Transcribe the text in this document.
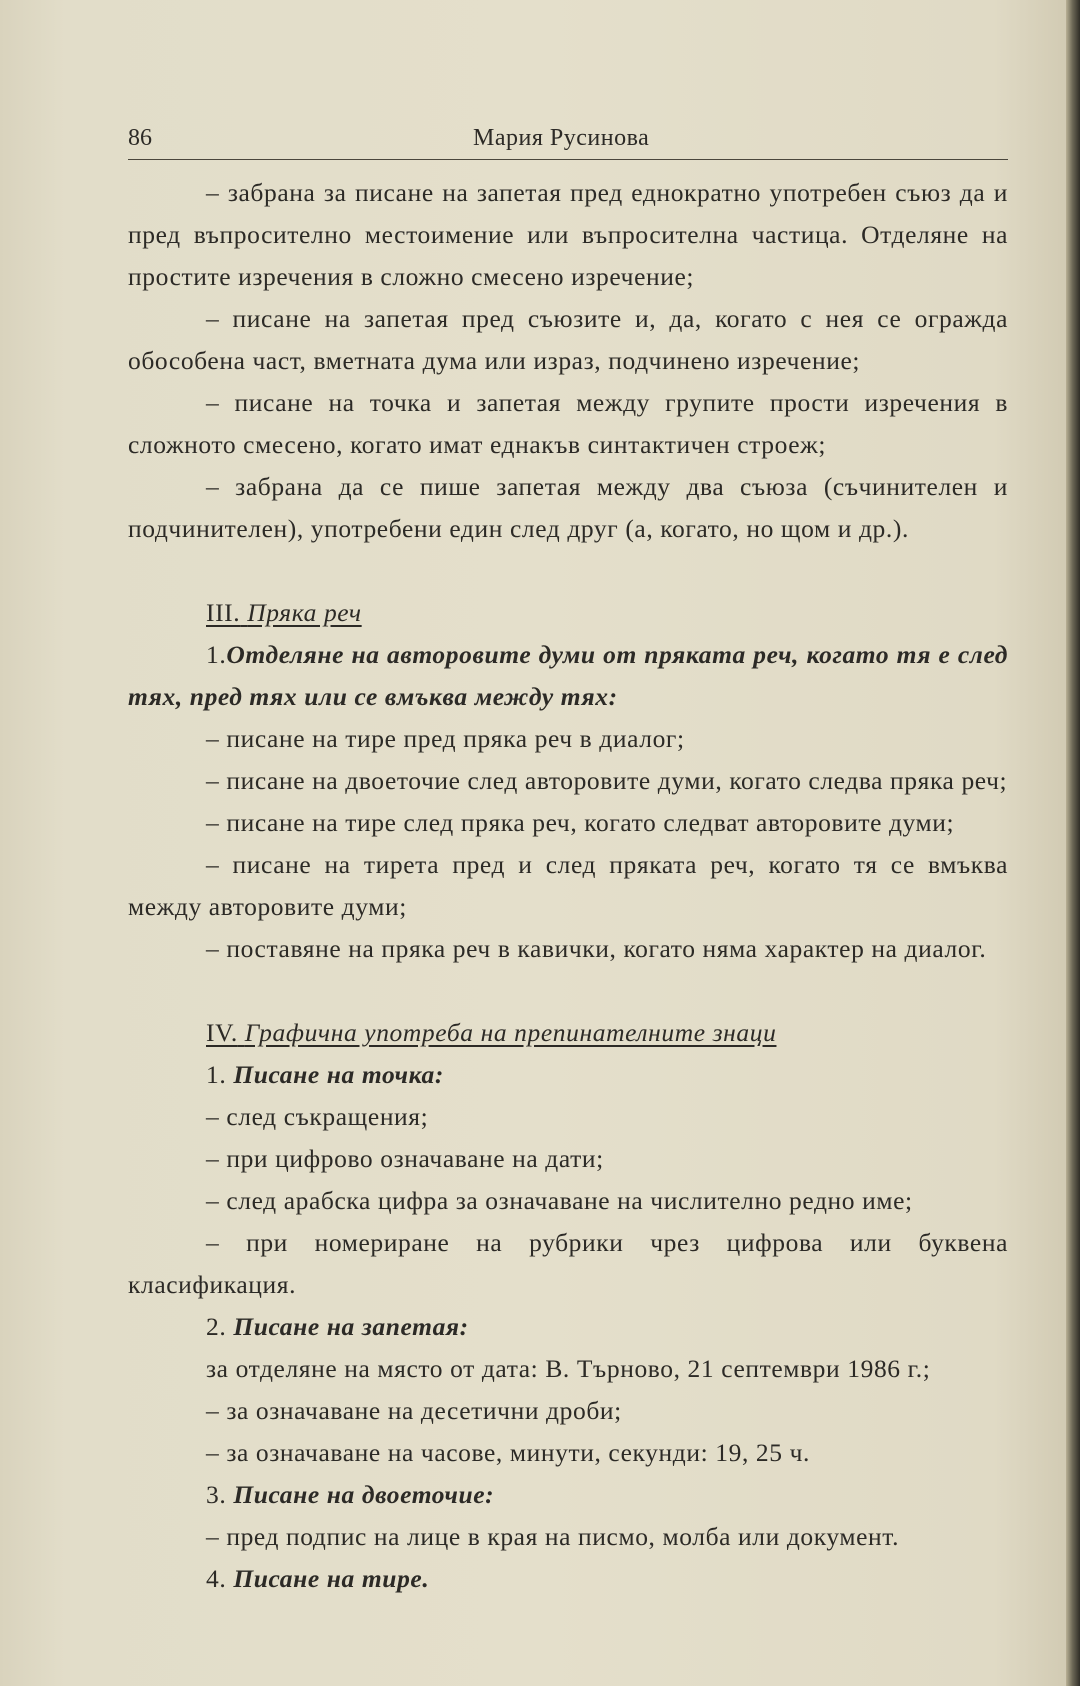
86	Мария Русинова

– забрана за писане на запетая пред еднократно употребен съюз да и пред въпросително местоимение или въпросителна частица. Отделяне на простите изречения в сложно смесено изречение;

– писане на запетая пред съюзите и, да, когато с нея се огражда обособена част, вметната дума или израз, подчинено изречение;

– писане на точка и запетая между групите прости изречения в сложното смесено, когато имат еднакъв синтактичен строеж;

– забрана да се пише запетая между два съюза (съчинителен и подчинителен), употребени един след друг (а, когато, но щом и др.).

III. Пряка реч

1.Отделяне на авторовите думи от пряката реч, когато тя е след тях, пред тях или се вмъква между тях:

– писане на тире пред пряка реч в диалог;

– писане на двоеточие след авторовите думи, когато следва пряка реч;

– писане на тире след пряка реч, когато следват авторовите думи;

– писане на тирета пред и след пряката реч, когато тя се вмъква между авторовите думи;

– поставяне на пряка реч в кавички, когато няма характер на диалог.

IV. Графична употреба на препинателните знаци

1. Писане на точка:

– след съкращения;

– при цифрово означаване на дати;

– след арабска цифра за означаване на числително редно име;

– при номериране на рубрики чрез цифрова или буквена класификация.

2. Писане на запетая:

за отделяне на място от дата: В. Търново, 21 септември 1986 г.;

– за означаване на десетични дроби;

– за означаване на часове, минути, секунди: 19, 25 ч.

3. Писане на двоеточие:

– пред подпис на лице в края на писмо, молба или документ.

4. Писане на тире.
